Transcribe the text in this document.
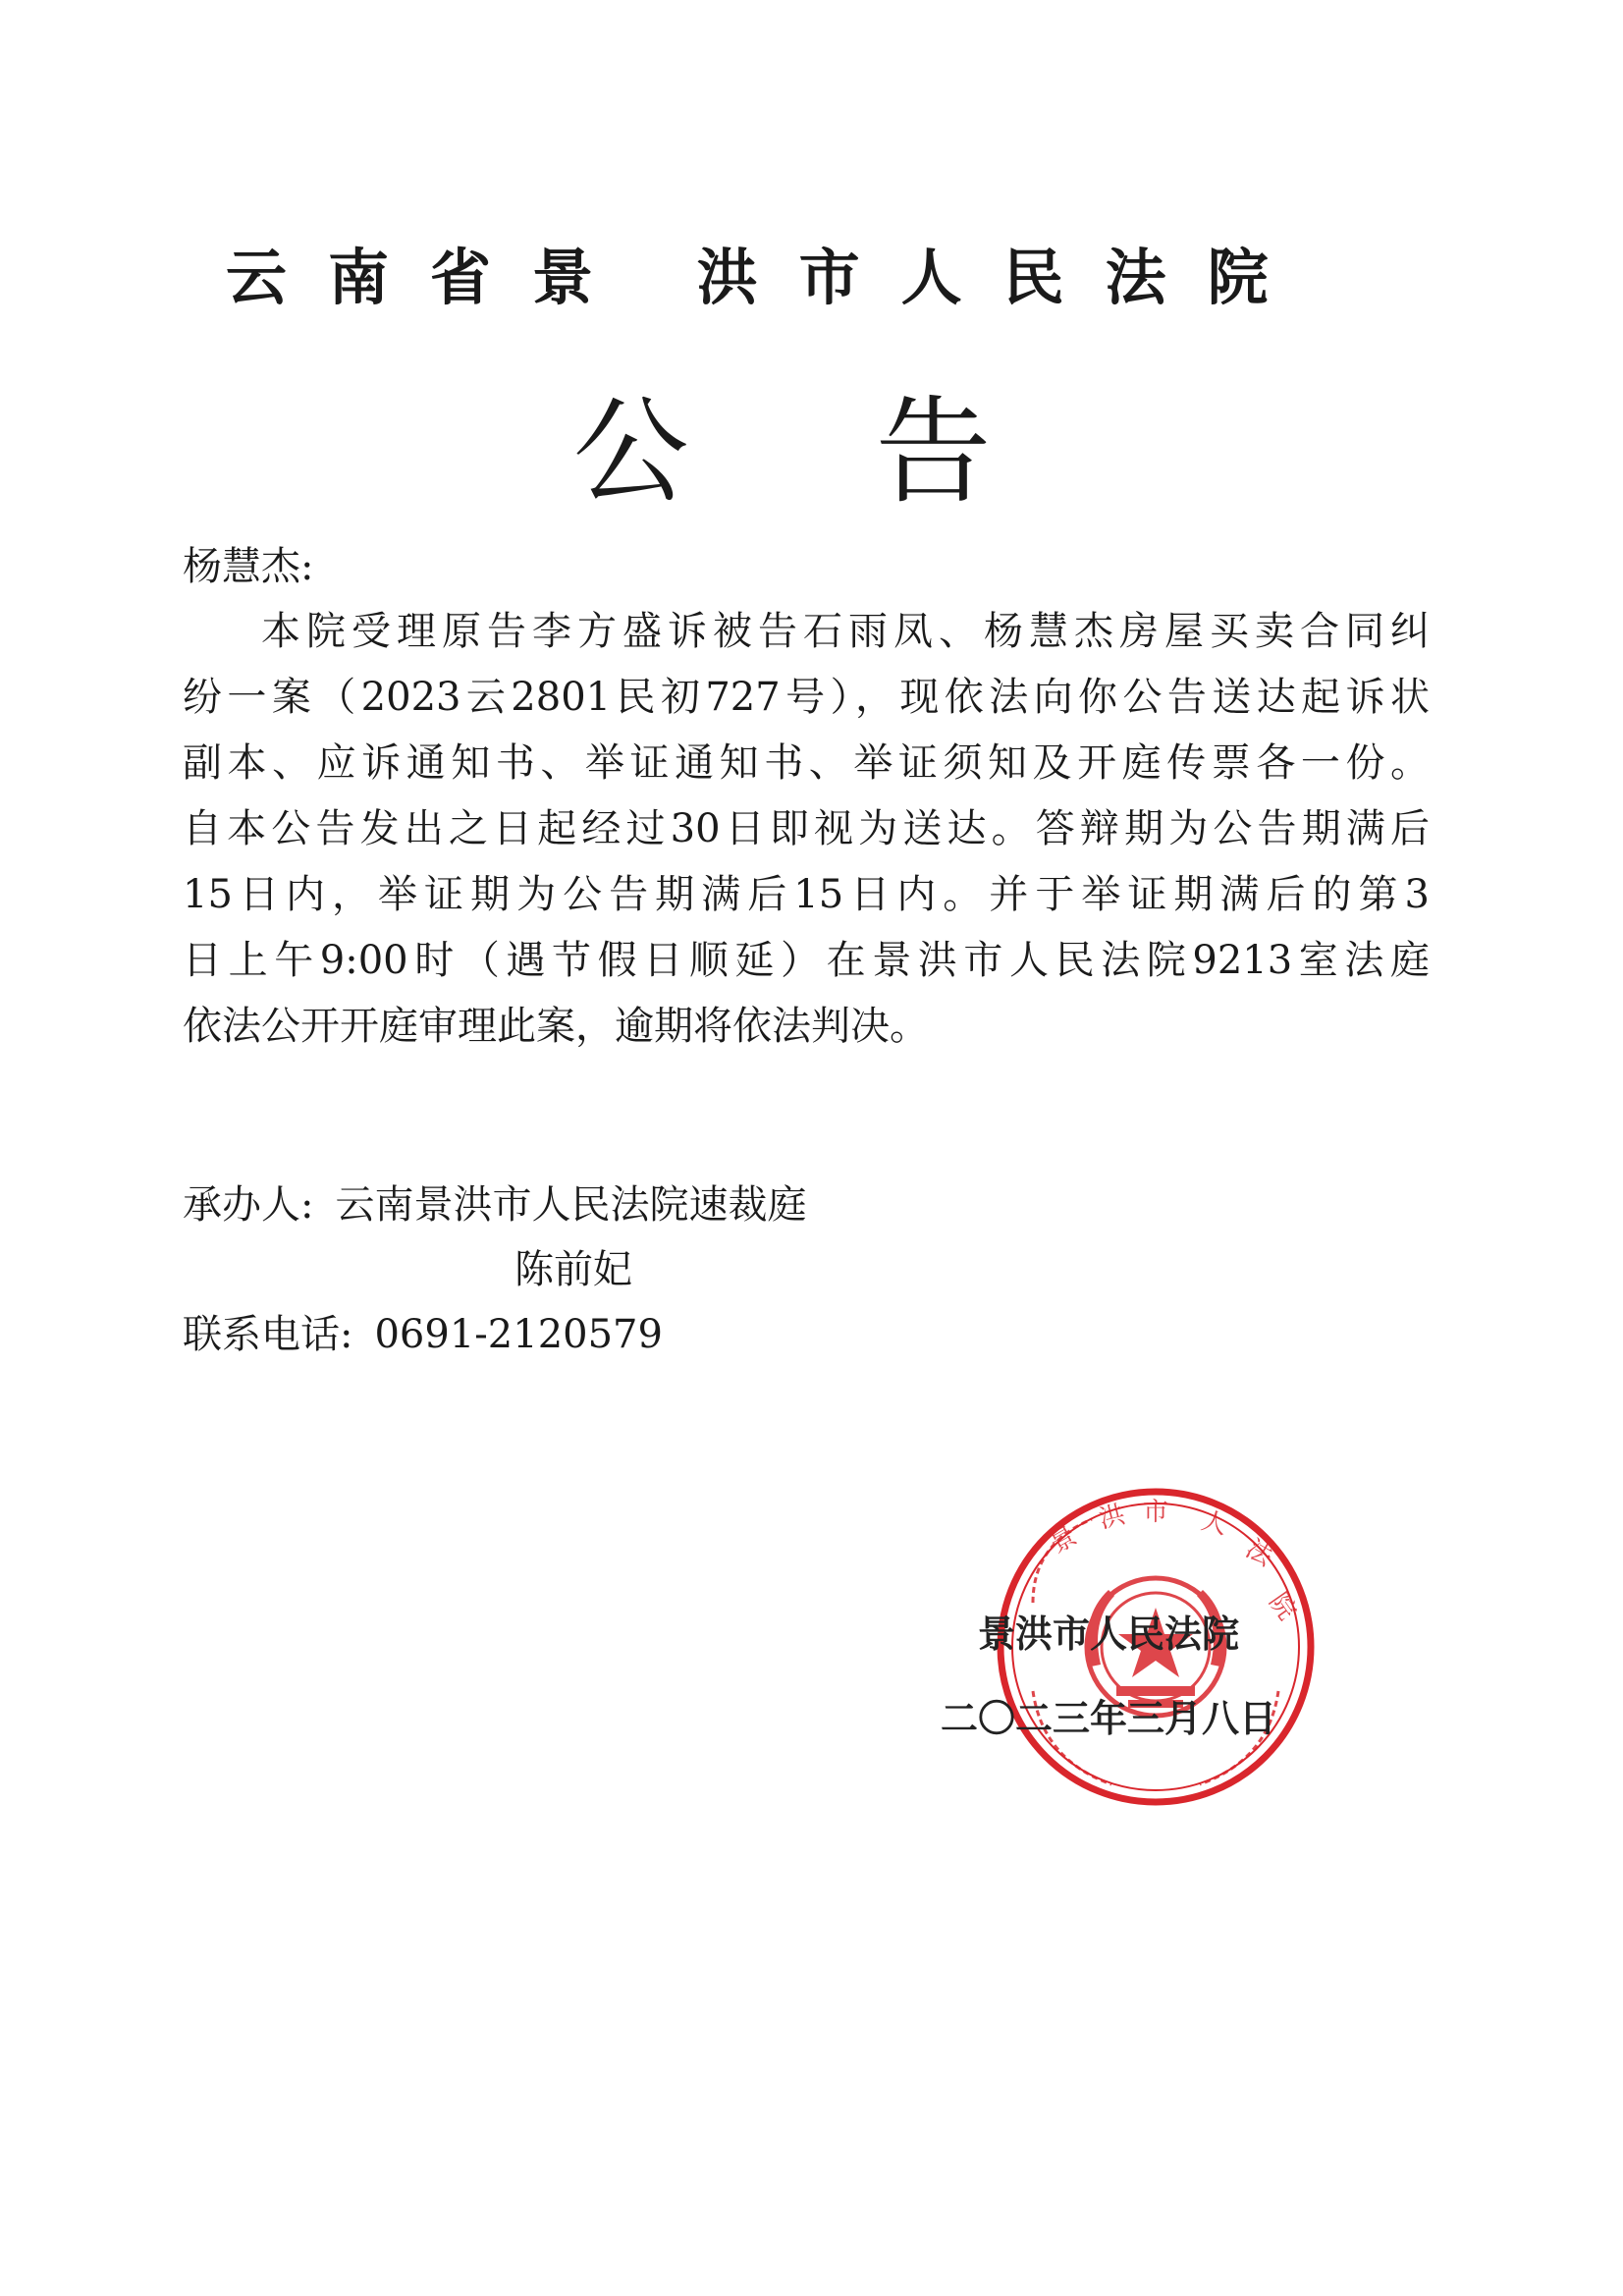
云南省景 洪市人民法院
公告
杨慧杰:
本院受理原告李方盛诉被告石雨凤、杨慧杰房屋买卖合同纠
纷一案（2023云2801民初727号），现依法向你公告送达起诉状
副本、应诉通知书、举证通知书、举证须知及开庭传票各一份。
自本公告发出之日起经过30日即视为送达。答辩期为公告期满后
15日内，举证期为公告期满后15日内。并于举证期满后的第3
日上午9:00时（遇节假日顺延）在景洪市人民法院9213室法庭
依法公开开庭审理此案，逾期将依法判决。
承办人: 云南景洪市人民法院速裁庭
陈前妃
联系电话: 0691-2120579
法
人
市
洪
景
院
景洪市人民法院
二〇二三年三月八日
